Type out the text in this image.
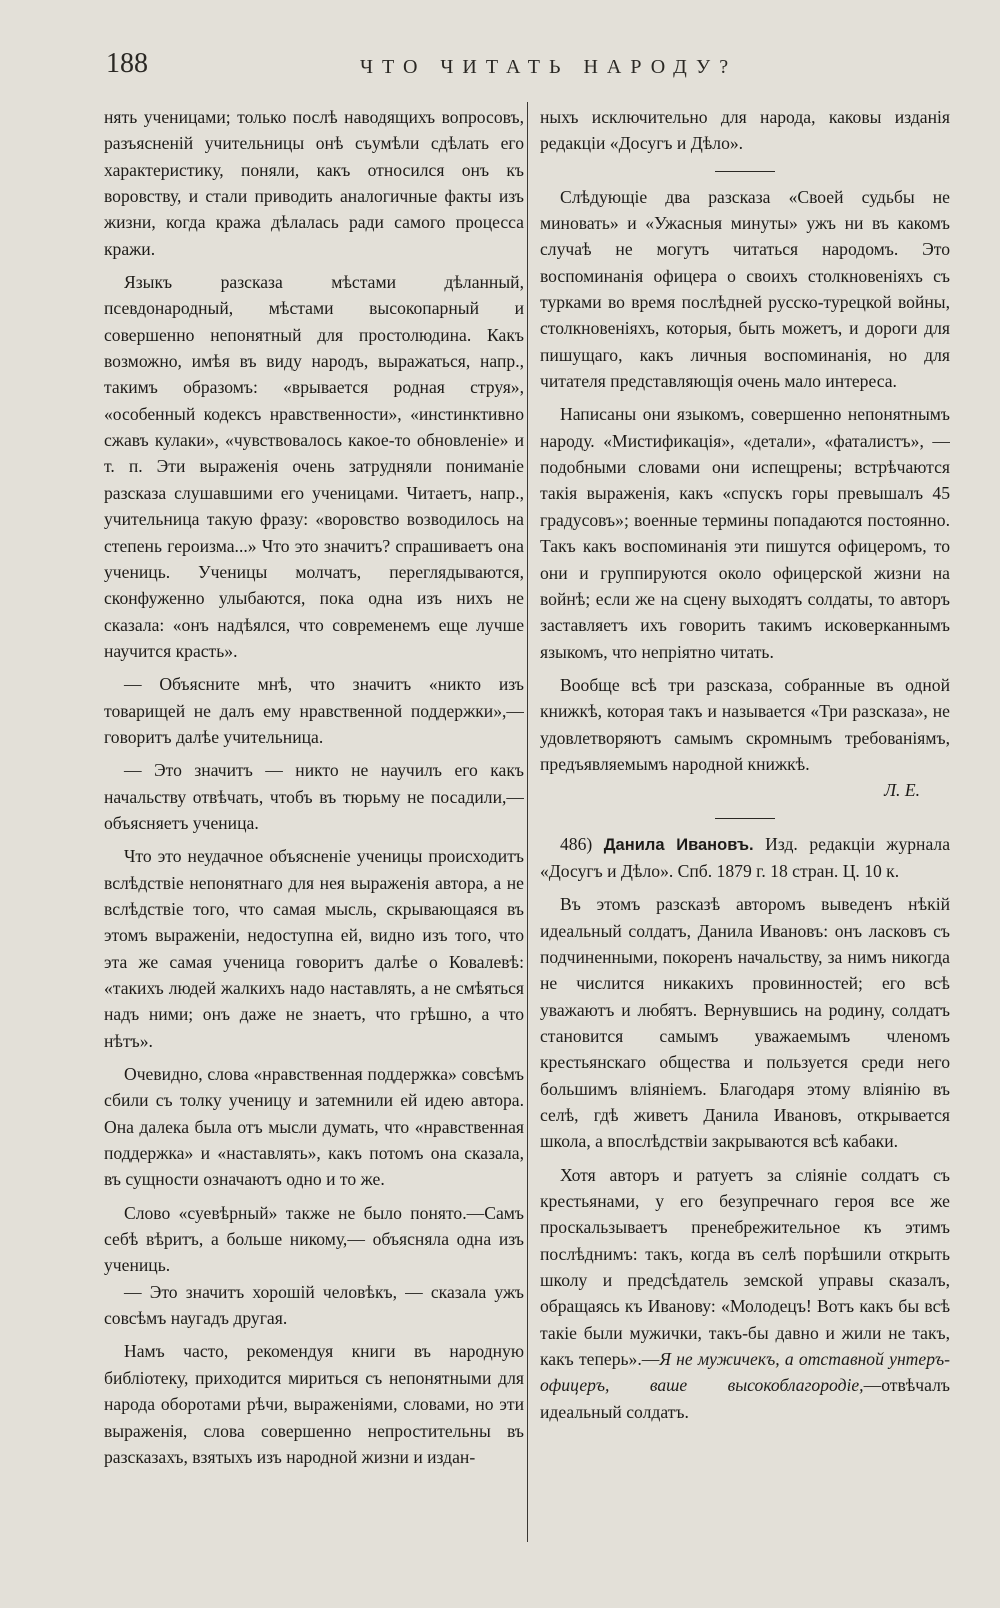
188	ЧТО ЧИТАТЬ НАРОДУ?

нять ученицами; только послѣ наводящихъ вопросовъ, разъясненій учительницы онѣ съумѣли сдѣлать его характеристику, поняли, какъ относился онъ къ воровству, и стали приводить аналогичные факты изъ жизни, когда кража дѣлалась ради самого процесса кражи.

Языкъ разсказа мѣстами дѣланный, псевдонародный, мѣстами высокопарный и совершенно непонятный для простолюдина. Какъ возможно, имѣя въ виду народъ, выражаться, напр., такимъ образомъ: «врывается родная струя», «особенный кодексъ нравственности», «инстинктивно сжавъ кулаки», «чувствовалось какое-то обновленіе» и т. п. Эти выраженія очень затрудняли пониманіе разсказа слушавшими его ученицами. Читаетъ, напр., учительница такую фразу: «воровство возводилось на степень героизма...» Что это значитъ? спрашиваетъ она учениць. Ученицы молчатъ, переглядываются, сконфуженно улыбаются, пока одна изъ нихъ не сказала: «онъ надѣялся, что современемъ еще лучше научится красть».

— Объясните мнѣ, что значитъ «никто изъ товарищей не далъ ему нравственной поддержки»,—говоритъ далѣе учительница.

— Это значитъ — никто не научилъ его какъ начальству отвѣчать, чтобъ въ тюрьму не посадили,—объясняетъ ученица.

Что это неудачное объясненіе ученицы происходитъ вслѣдствіе непонятнаго для нея выраженія автора, а не вслѣдствіе того, что самая мысль, скрывающаяся въ этомъ выраженіи, недоступна ей, видно изъ того, что эта же самая ученица говоритъ далѣе о Ковалевѣ: «такихъ людей жалкихъ надо наставлять, а не смѣяться надъ ними; онъ даже не знаетъ, что грѣшно, а что нѣтъ».

Очевидно, слова «нравственная поддержка» совсѣмъ сбили съ толку ученицу и затемнили ей идею автора. Она далека была отъ мысли думать, что «нравственная поддержка» и «наставлять», какъ потомъ она сказала, въ сущности означаютъ одно и то же.

Слово «суевѣрный» также не было понято.—Самъ себѣ вѣритъ, а больше никому,— объясняла одна изъ учениць.

— Это значитъ хорошій человѣкъ, — сказала ужъ совсѣмъ наугадъ другая.

Намъ часто, рекомендуя книги въ народную библіотеку, приходится мириться съ непонятными для народа оборотами рѣчи, выраженіями, словами, но эти выраженія, слова совершенно непростительны въ разсказахъ, взятыхъ изъ народной жизни и издан-

ныхъ исключительно для народа, каковы изданія редакціи «Досугъ и Дѣло».

Слѣдующіе два разсказа «Своей судьбы не миновать» и «Ужасныя минуты» ужъ ни въ какомъ случаѣ не могутъ читаться народомъ. Это воспоминанія офицера о своихъ столкновеніяхъ съ турками во время послѣдней русско-турецкой войны, столкновеніяхъ, которыя, быть можетъ, и дороги для пишущаго, какъ личныя воспоминанія, но для читателя представляющія очень мало интереса.

Написаны они языкомъ, совершенно непонятнымъ народу. «Мистификація», «детали», «фаталистъ», — подобными словами они испещрены; встрѣчаются такія выраженія, какъ «спускъ горы превышалъ 45 градусовъ»; военные термины попадаются постоянно. Такъ какъ воспоминанія эти пишутся офицеромъ, то они и группируются около офицерской жизни на войнѣ; если же на сцену выходятъ солдаты, то авторъ заставляетъ ихъ говорить такимъ исковерканнымъ языкомъ, что непріятно читать.

Вообще всѣ три разсказа, собранные въ одной книжкѣ, которая такъ и называется «Три разсказа», не удовлетворяютъ самымъ скромнымъ требованіямъ, предъявляемымъ народной книжкѣ.

Л. Е.

486) Данила Ивановъ. Изд. редакціи журнала «Досугъ и Дѣло». Спб. 1879 г. 18 стран. Ц. 10 к.

Въ этомъ разсказѣ авторомъ выведенъ нѣкій идеальный солдатъ, Данила Ивановъ: онъ ласковъ съ подчиненными, покоренъ начальству, за нимъ никогда не числится никакихъ провинностей; его всѣ уважаютъ и любятъ. Вернувшись на родину, солдатъ становится самымъ уважаемымъ членомъ крестьянскаго общества и пользуется среди него большимъ вліяніемъ. Благодаря этому вліянію въ селѣ, гдѣ живетъ Данила Ивановъ, открывается школа, а впослѣдствіи закрываются всѣ кабаки.

Хотя авторъ и ратуетъ за сліяніе солдатъ съ крестьянами, у его безупречнаго героя все же проскальзываетъ пренебрежительное къ этимъ послѣднимъ: такъ, когда въ селѣ порѣшили открыть школу и предсѣдатель земской управы сказалъ, обращаясь къ Иванову: «Молодецъ! Вотъ какъ бы всѣ такіе были мужички, такъ-бы давно и жили не такъ, какъ теперь».—Я не мужичекъ, а отставной унтеръ-офицеръ, ваше высокоблагородіе,—отвѣчалъ идеальный солдатъ.
